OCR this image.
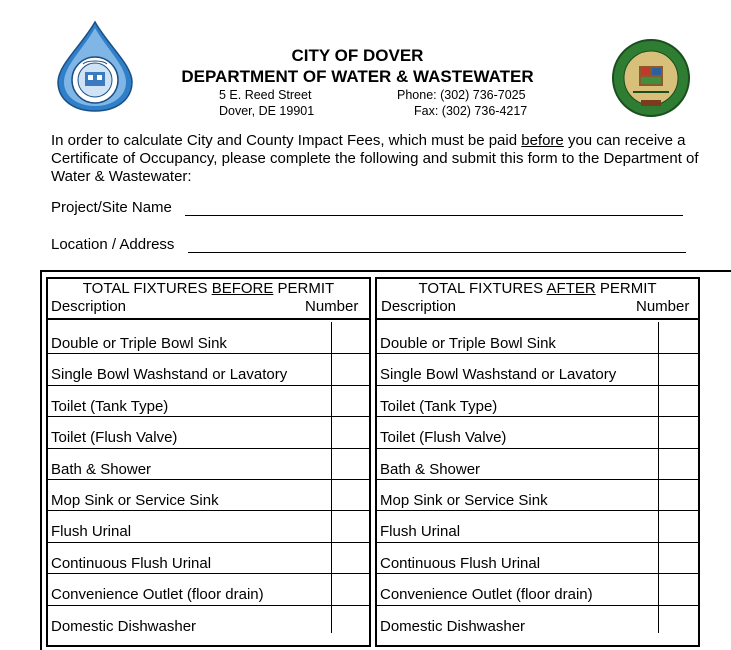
CITY OF DOVER
DEPARTMENT OF WATER & WASTEWATER
5 E. Reed Street
Dover, DE 19901
Phone: (302) 736-7025
Fax: (302) 736-4217
In order to calculate City and County Impact Fees, which must be paid before you can receive a Certificate of Occupancy, please complete the following and submit this form to the Department of Water & Wastewater:
Project/Site Name
Location / Address
TOTAL FIXTURES BEFORE PERMIT
Description	Number
TOTAL FIXTURES AFTER PERMIT
Description	Number
Double or Triple Bowl Sink
Single Bowl Washstand or Lavatory
Toilet (Tank Type)
Toilet (Flush Valve)
Bath & Shower
Mop Sink or Service Sink
Flush Urinal
Continuous Flush Urinal
Convenience Outlet (floor drain)
Domestic Dishwasher
Double or Triple Bowl Sink
Single Bowl Washstand or Lavatory
Toilet (Tank Type)
Toilet (Flush Valve)
Bath & Shower
Mop Sink or Service Sink
Flush Urinal
Continuous Flush Urinal
Convenience Outlet (floor drain)
Domestic Dishwasher
